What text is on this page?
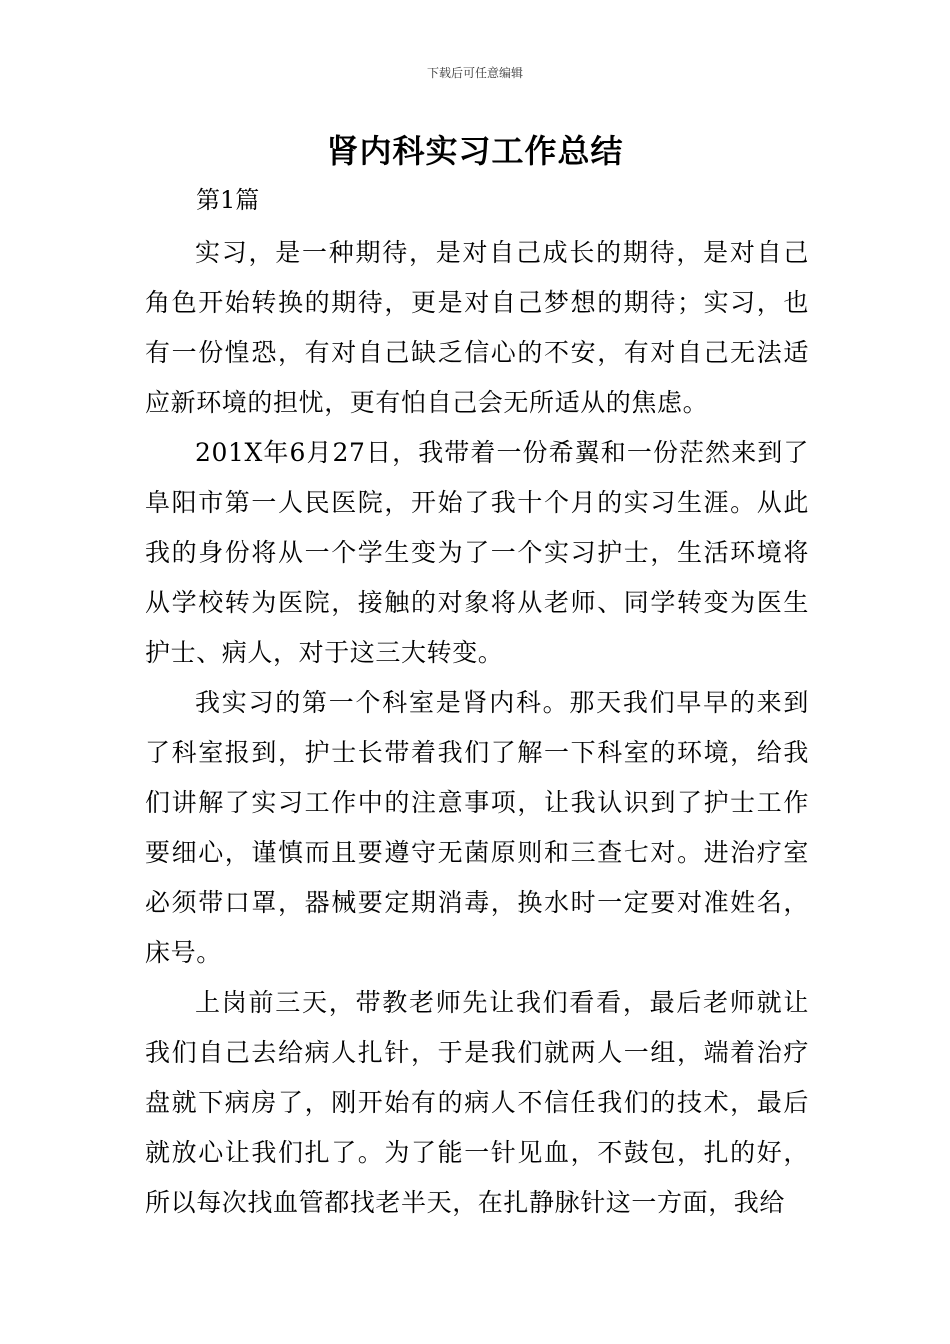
下载后可任意编辑
肾内科实习工作总结
第1篇

实习，是一种期待，是对自己成长的期待，是对自己角色开始转换的期待，更是对自己梦想的期待；实习，也有一份惶恐，有对自己缺乏信心的不安，有对自己无法适应新环境的担忧，更有怕自己会无所适从的焦虑。

201X年6月27日，我带着一份希翼和一份茫然来到了阜阳市第一人民医院，开始了我十个月的实习生涯。从此我的身份将从一个学生变为了一个实习护士，生活环境将从学校转为医院，接触的对象将从老师、同学转变为医生护士、病人，对于这三大转变。

我实习的第一个科室是肾内科。那天我们早早的来到了科室报到，护士长带着我们了解一下科室的环境，给我们讲解了实习工作中的注意事项，让我认识到了护士工作要细心，谨慎而且要遵守无菌原则和三查七对。进治疗室必须带口罩，器械要定期消毒，换水时一定要对准姓名，床号。

上岗前三天，带教老师先让我们看看，最后老师就让我们自己去给病人扎针，于是我们就两人一组，端着治疗盘就下病房了，刚开始有的病人不信任我们的技术，最后就放心让我们扎了。为了能一针见血，不鼓包，扎的好，所以每次找血管都找老半天，在扎静脉针这一方面，我给
